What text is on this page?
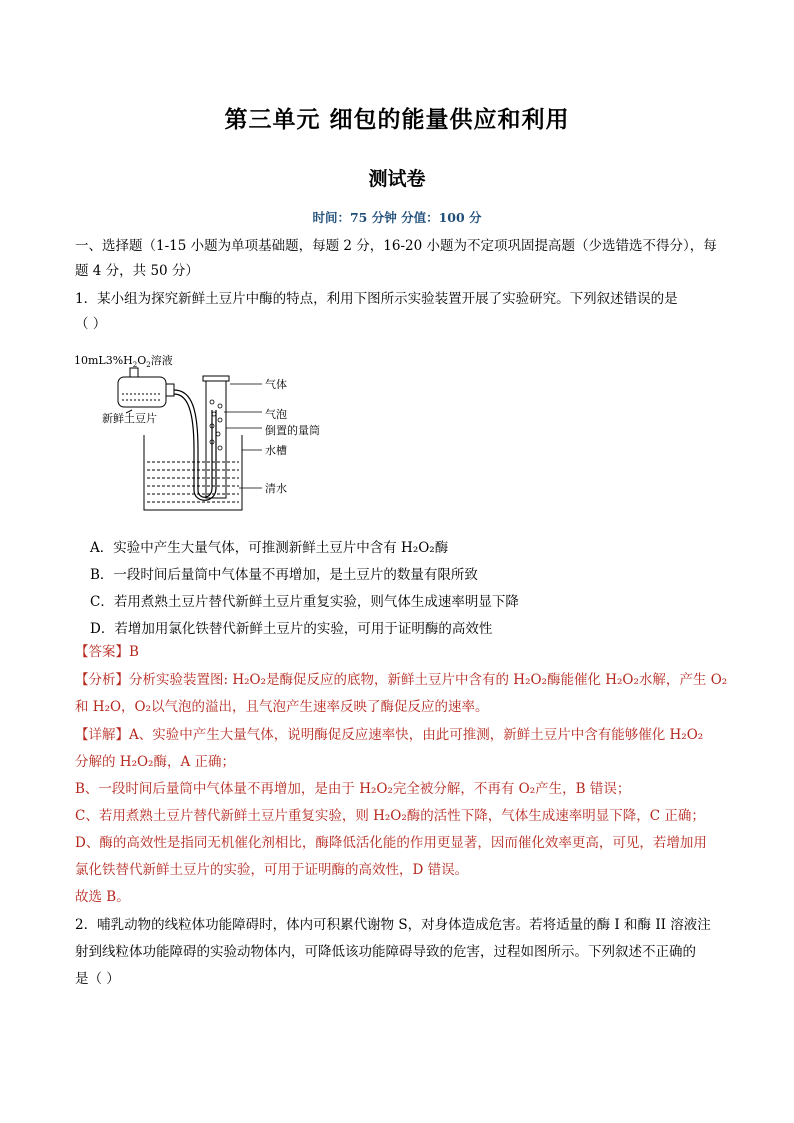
第三单元 细包的能量供应和利用
测试卷
时间：75 分钟 分值：100 分
一、选择题（1-15 小题为单项基础题，每题 2 分，16-20 小题为不定项巩固提高题（少选错选不得分），每
题 4 分，共 50 分）
1．某小组为探究新鲜土豆片中酶的特点，利用下图所示实验装置开展了实验研究。下列叙述错误的是
（ ）
$10mL3\%H_2O_2$溶液
新鲜土豆片
气体
气泡
倒置的量筒
水槽
清水
A．实验中产生大量气体，可推测新鲜土豆片中含有 H₂O₂酶
B．一段时间后量筒中气体量不再增加，是土豆片的数量有限所致
C．若用煮熟土豆片替代新鲜土豆片重复实验，则气体生成速率明显下降
D．若增加用氯化铁替代新鲜土豆片的实验，可用于证明酶的高效性
【答案】B
【分析】分析实验装置图: H₂O₂是酶促反应的底物，新鲜土豆片中含有的 H₂O₂酶能催化 H₂O₂水解，产生 O₂
和 H₂O，O₂以气泡的溢出，且气泡产生速率反映了酶促反应的速率。
【详解】A、实验中产生大量气体，说明酶促反应速率快，由此可推测，新鲜土豆片中含有能够催化 H₂O₂
分解的 H₂O₂酶，A 正确；
B、一段时间后量筒中气体量不再增加，是由于 H₂O₂完全被分解，不再有 O₂产生，B 错误；
C、若用煮熟土豆片替代新鲜土豆片重复实验，则 H₂O₂酶的活性下降，气体生成速率明显下降，C 正确；
D、酶的高效性是指同无机催化剂相比，酶降低活化能的作用更显著，因而催化效率更高，可见，若增加用
氯化铁替代新鲜土豆片的实验，可用于证明酶的高效性，D 错误。
故选 B。
2．哺乳动物的线粒体功能障碍时，体内可积累代谢物 S，对身体造成危害。若将适量的酶 I 和酶 II 溶液注
射到线粒体功能障碍的实验动物体内，可降低该功能障碍导致的危害，过程如图所示。下列叙述不正确的
是（ ）
